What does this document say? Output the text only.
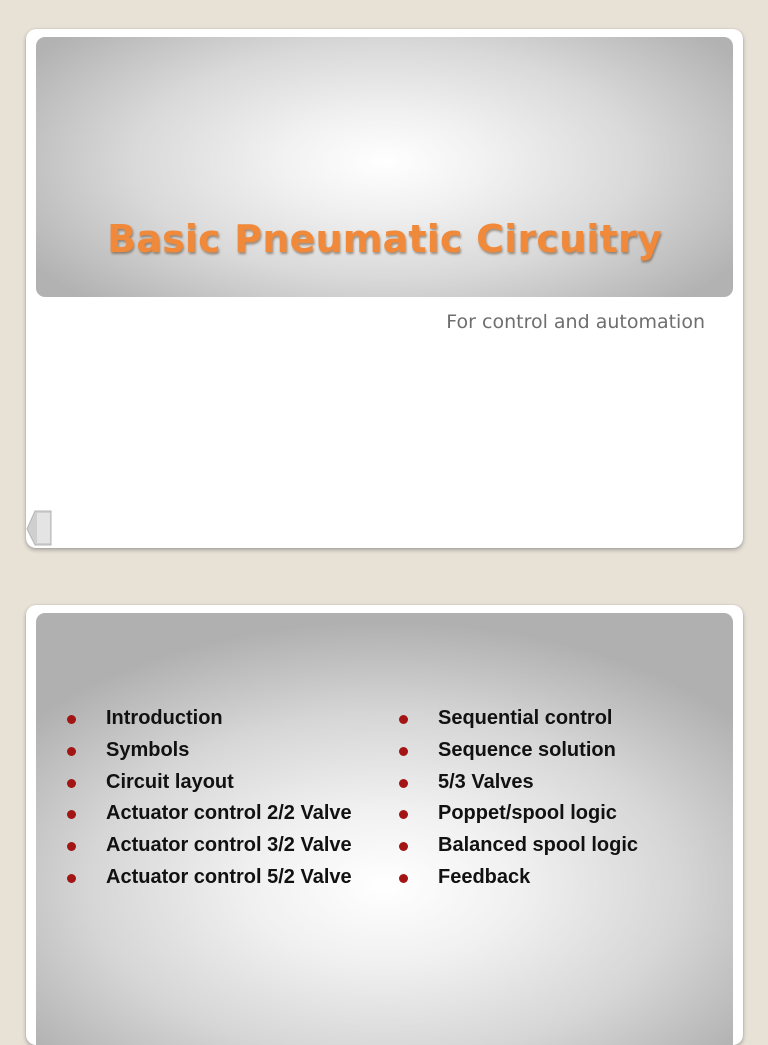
Basic Pneumatic Circuitry
For control and automation
Introduction
Symbols
Circuit layout
Actuator control 2/2 Valve
Actuator control 3/2 Valve
Actuator control 5/2 Valve
Sequential control
Sequence solution
5/3 Valves
Poppet/spool logic
Balanced spool logic
Feedback
